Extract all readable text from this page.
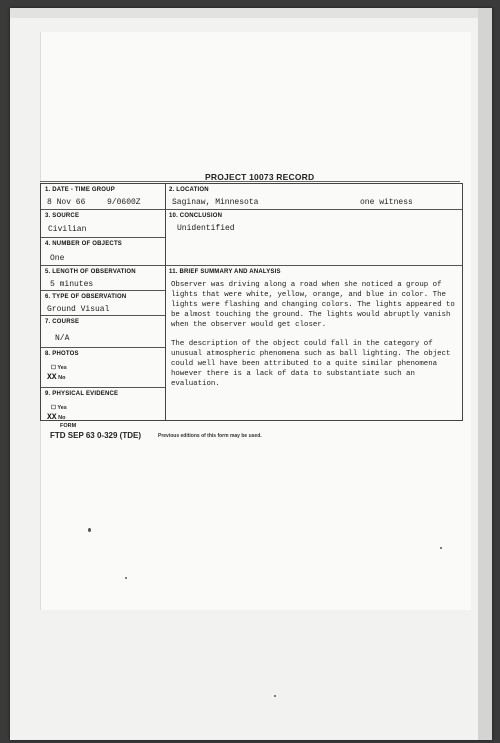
PROJECT 10073 RECORD
1. DATE - TIME GROUP
8 Nov 66	9/0600Z
3. SOURCE
Civilian
4. NUMBER OF OBJECTS
One
5. LENGTH OF OBSERVATION
5 minutes
6. TYPE OF OBSERVATION
Ground Visual
7. COURSE
N/A
8. PHOTOS
☐ Yes
XX No
9. PHYSICAL EVIDENCE
☐ Yes
XX No
2. LOCATION
Saginaw, Minnesota	one witness
10. CONCLUSION
Unidentified
11. BRIEF SUMMARY AND ANALYSIS

Observer was driving along a road when she noticed a group of lights that were white, yellow, orange, and blue in color. The lights were flashing and changing colors. The lights appeared to be almost touching the ground. The lights would abruptly vanish when the observer would get closer.

The description of the object could fall in the category of unusual atmospheric phenomena such as ball lighting. The object could well have been attributed to a quite similar phenomena however there is a lack of data to substantiate such an evaluation.

FORM
FTD SEP 63 0-329 (TDE)	Previous editions of this form may be used.
